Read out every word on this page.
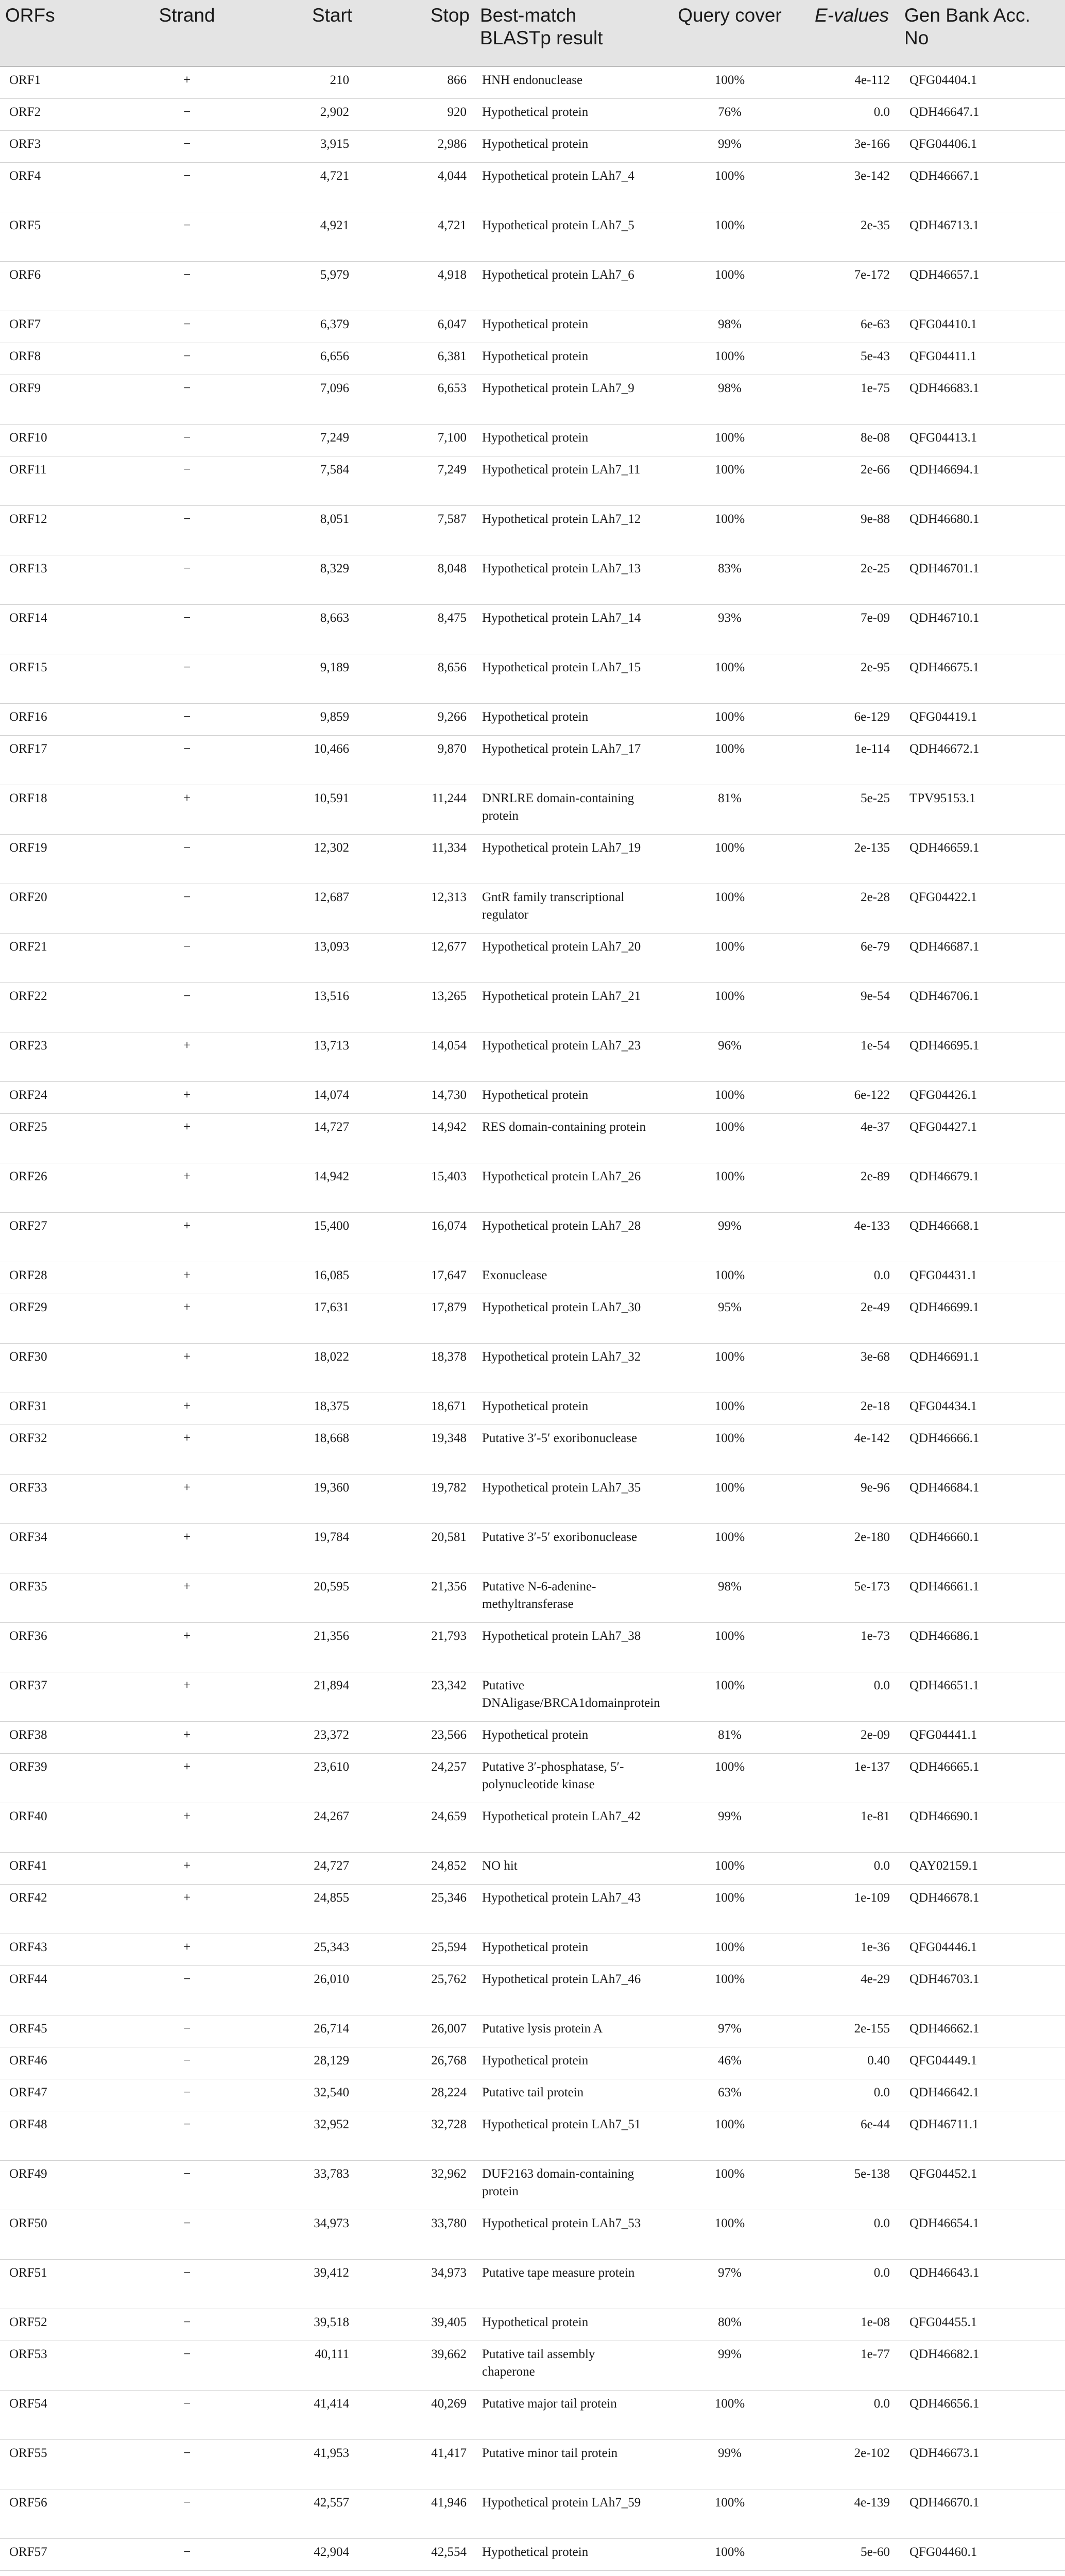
ORFs	Strand	Start	Stop	Best-match BLASTp result	Query cover	E-values	Gen Bank Acc. No
ORF1	+	210	866	HNH endonuclease	100%	4e-112	QFG04404.1
ORF2	−	2,902	920	Hypothetical protein	76%	0.0	QDH46647.1
ORF3	−	3,915	2,986	Hypothetical protein	99%	3e-166	QFG04406.1
ORF4	−	4,721	4,044	Hypothetical protein LAh7_4	100%	3e-142	QDH46667.1
ORF5	−	4,921	4,721	Hypothetical protein LAh7_5	100%	2e-35	QDH46713.1
ORF6	−	5,979	4,918	Hypothetical protein LAh7_6	100%	7e-172	QDH46657.1
ORF7	−	6,379	6,047	Hypothetical protein	98%	6e-63	QFG04410.1
ORF8	−	6,656	6,381	Hypothetical protein	100%	5e-43	QFG04411.1
ORF9	−	7,096	6,653	Hypothetical protein LAh7_9	98%	1e-75	QDH46683.1
ORF10	−	7,249	7,100	Hypothetical protein	100%	8e-08	QFG04413.1
ORF11	−	7,584	7,249	Hypothetical protein LAh7_11	100%	2e-66	QDH46694.1
ORF12	−	8,051	7,587	Hypothetical protein LAh7_12	100%	9e-88	QDH46680.1
ORF13	−	8,329	8,048	Hypothetical protein LAh7_13	83%	2e-25	QDH46701.1
ORF14	−	8,663	8,475	Hypothetical protein LAh7_14	93%	7e-09	QDH46710.1
ORF15	−	9,189	8,656	Hypothetical protein LAh7_15	100%	2e-95	QDH46675.1
ORF16	−	9,859	9,266	Hypothetical protein	100%	6e-129	QFG04419.1
ORF17	−	10,466	9,870	Hypothetical protein LAh7_17	100%	1e-114	QDH46672.1
ORF18	+	10,591	11,244	DNRLRE domain-containing protein	81%	5e-25	TPV95153.1
ORF19	−	12,302	11,334	Hypothetical protein LAh7_19	100%	2e-135	QDH46659.1
ORF20	−	12,687	12,313	GntR family transcriptional regulator	100%	2e-28	QFG04422.1
ORF21	−	13,093	12,677	Hypothetical protein LAh7_20	100%	6e-79	QDH46687.1
ORF22	−	13,516	13,265	Hypothetical protein LAh7_21	100%	9e-54	QDH46706.1
ORF23	+	13,713	14,054	Hypothetical protein LAh7_23	96%	1e-54	QDH46695.1
ORF24	+	14,074	14,730	Hypothetical protein	100%	6e-122	QFG04426.1
ORF25	+	14,727	14,942	RES domain-containing protein	100%	4e-37	QFG04427.1
ORF26	+	14,942	15,403	Hypothetical protein LAh7_26	100%	2e-89	QDH46679.1
ORF27	+	15,400	16,074	Hypothetical protein LAh7_28	99%	4e-133	QDH46668.1
ORF28	+	16,085	17,647	Exonuclease	100%	0.0	QFG04431.1
ORF29	+	17,631	17,879	Hypothetical protein LAh7_30	95%	2e-49	QDH46699.1
ORF30	+	18,022	18,378	Hypothetical protein LAh7_32	100%	3e-68	QDH46691.1
ORF31	+	18,375	18,671	Hypothetical protein	100%	2e-18	QFG04434.1
ORF32	+	18,668	19,348	Putative 3′-5′ exoribonuclease	100%	4e-142	QDH46666.1
ORF33	+	19,360	19,782	Hypothetical protein LAh7_35	100%	9e-96	QDH46684.1
ORF34	+	19,784	20,581	Putative 3′-5′ exoribonuclease	100%	2e-180	QDH46660.1
ORF35	+	20,595	21,356	Putative N-6-adenine-methyltransferase	98%	5e-173	QDH46661.1
ORF36	+	21,356	21,793	Hypothetical protein LAh7_38	100%	1e-73	QDH46686.1
ORF37	+	21,894	23,342	Putative DNAligase/BRCA1domainprotein	100%	0.0	QDH46651.1
ORF38	+	23,372	23,566	Hypothetical protein	81%	2e-09	QFG04441.1
ORF39	+	23,610	24,257	Putative 3′-phosphatase, 5′-polynucleotide kinase	100%	1e-137	QDH46665.1
ORF40	+	24,267	24,659	Hypothetical protein LAh7_42	99%	1e-81	QDH46690.1
ORF41	+	24,727	24,852	NO hit	100%	0.0	QAY02159.1
ORF42	+	24,855	25,346	Hypothetical protein LAh7_43	100%	1e-109	QDH46678.1
ORF43	+	25,343	25,594	Hypothetical protein	100%	1e-36	QFG04446.1
ORF44	−	26,010	25,762	Hypothetical protein LAh7_46	100%	4e-29	QDH46703.1
ORF45	−	26,714	26,007	Putative lysis protein A	97%	2e-155	QDH46662.1
ORF46	−	28,129	26,768	Hypothetical protein	46%	0.40	QFG04449.1
ORF47	−	32,540	28,224	Putative tail protein	63%	0.0	QDH46642.1
ORF48	−	32,952	32,728	Hypothetical protein LAh7_51	100%	6e-44	QDH46711.1
ORF49	−	33,783	32,962	DUF2163 domain-containing protein	100%	5e-138	QFG04452.1
ORF50	−	34,973	33,780	Hypothetical protein LAh7_53	100%	0.0	QDH46654.1
ORF51	−	39,412	34,973	Putative tape measure protein	97%	0.0	QDH46643.1
ORF52	−	39,518	39,405	Hypothetical protein	80%	1e-08	QFG04455.1
ORF53	−	40,111	39,662	Putative tail assembly chaperone	99%	1e-77	QDH46682.1
ORF54	−	41,414	40,269	Putative major tail protein	100%	0.0	QDH46656.1
ORF55	−	41,953	41,417	Putative minor tail protein	99%	2e-102	QDH46673.1
ORF56	−	42,557	41,946	Hypothetical protein LAh7_59	100%	4e-139	QDH46670.1
ORF57	−	42,904	42,554	Hypothetical protein	100%	5e-60	QFG04460.1
